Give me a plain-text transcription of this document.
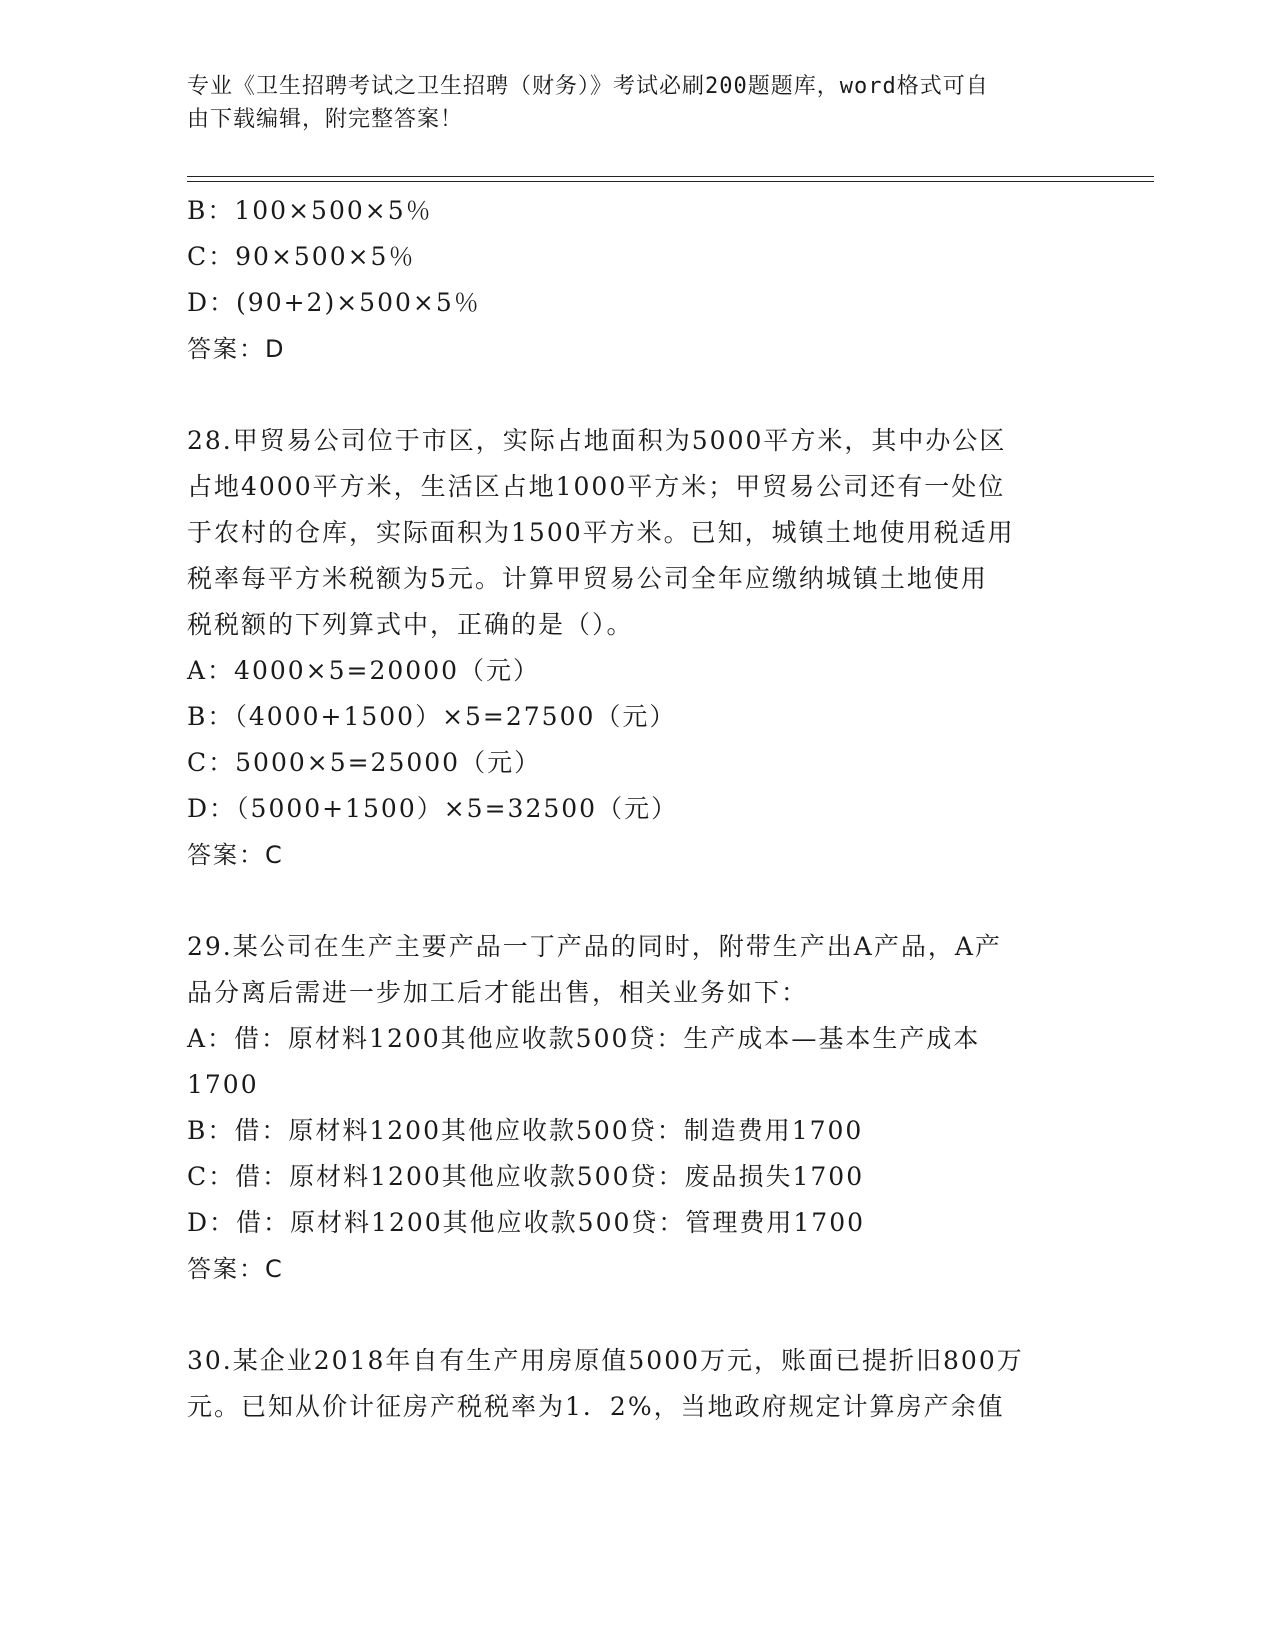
专业《卫生招聘考试之卫生招聘（财务）》考试必刷200题题库，word格式可自
由下载编辑，附完整答案！
B：100×500×5％
C：90×500×5％
D：(90+2)×500×5％
答案：D
28.甲贸易公司位于市区，实际占地面积为5000平方米，其中办公区
占地4000平方米，生活区占地1000平方米；甲贸易公司还有一处位
于农村的仓库，实际面积为1500平方米。已知，城镇土地使用税适用
税率每平方米税额为5元。计算甲贸易公司全年应缴纳城镇土地使用
税税额的下列算式中，正确的是（）。
A：4000×5=20000（元）
B：（4000+1500）×5=27500（元）
C：5000×5=25000（元）
D：（5000+1500）×5=32500（元）
答案：C
29.某公司在生产主要产品一丁产品的同时，附带生产出A产品，A产
品分离后需进一步加工后才能出售，相关业务如下：
A：借：原材料1200其他应收款500贷：生产成本—基本生产成本
1700
B：借：原材料1200其他应收款500贷：制造费用1700
C：借：原材料1200其他应收款500贷：废品损失1700
D：借：原材料1200其他应收款500贷：管理费用1700
答案：C
30.某企业2018年自有生产用房原值5000万元，账面已提折旧800万
元。已知从价计征房产税税率为1．2%，当地政府规定计算房产余值
